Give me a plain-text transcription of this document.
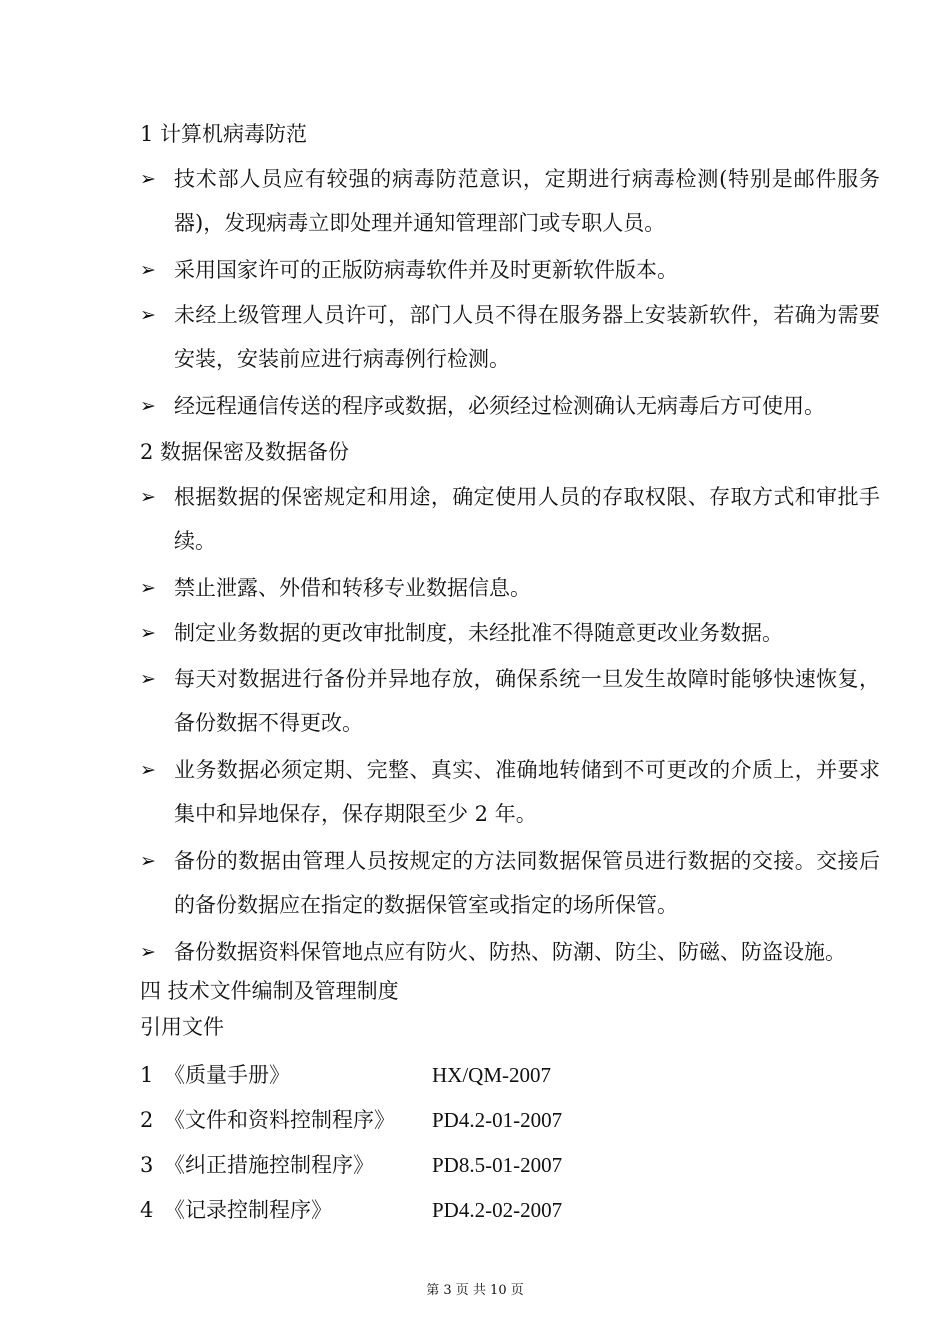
1 计算机病毒防范
➢ 技术部人员应有较强的病毒防范意识，定期进行病毒检测(特别是邮件服务器)，发现病毒立即处理并通知管理部门或专职人员。
➢ 采用国家许可的正版防病毒软件并及时更新软件版本。
➢ 未经上级管理人员许可，部门人员不得在服务器上安装新软件，若确为需要安装，安装前应进行病毒例行检测。
➢ 经远程通信传送的程序或数据，必须经过检测确认无病毒后方可使用。
2 数据保密及数据备份
➢ 根据数据的保密规定和用途，确定使用人员的存取权限、存取方式和审批手续。
➢ 禁止泄露、外借和转移专业数据信息。
➢ 制定业务数据的更改审批制度，未经批准不得随意更改业务数据。
➢ 每天对数据进行备份并异地存放，确保系统一旦发生故障时能够快速恢复，备份数据不得更改。
➢ 业务数据必须定期、完整、真实、准确地转储到不可更改的介质上，并要求集中和异地保存，保存期限至少 2 年。
➢ 备份的数据由管理人员按规定的方法同数据保管员进行数据的交接。交接后的备份数据应在指定的数据保管室或指定的场所保管。
➢ 备份数据资料保管地点应有防火、防热、防潮、防尘、防磁、防盗设施。
四 技术文件编制及管理制度
引用文件
1 《质量手册》	HX/QM-2007
2 《文件和资料控制程序》 PD4.2-01-2007
3 《纠正措施控制程序》	PD8.5-01-2007
4 《记录控制程序》	PD4.2-02-2007
第 3 页 共 10 页
